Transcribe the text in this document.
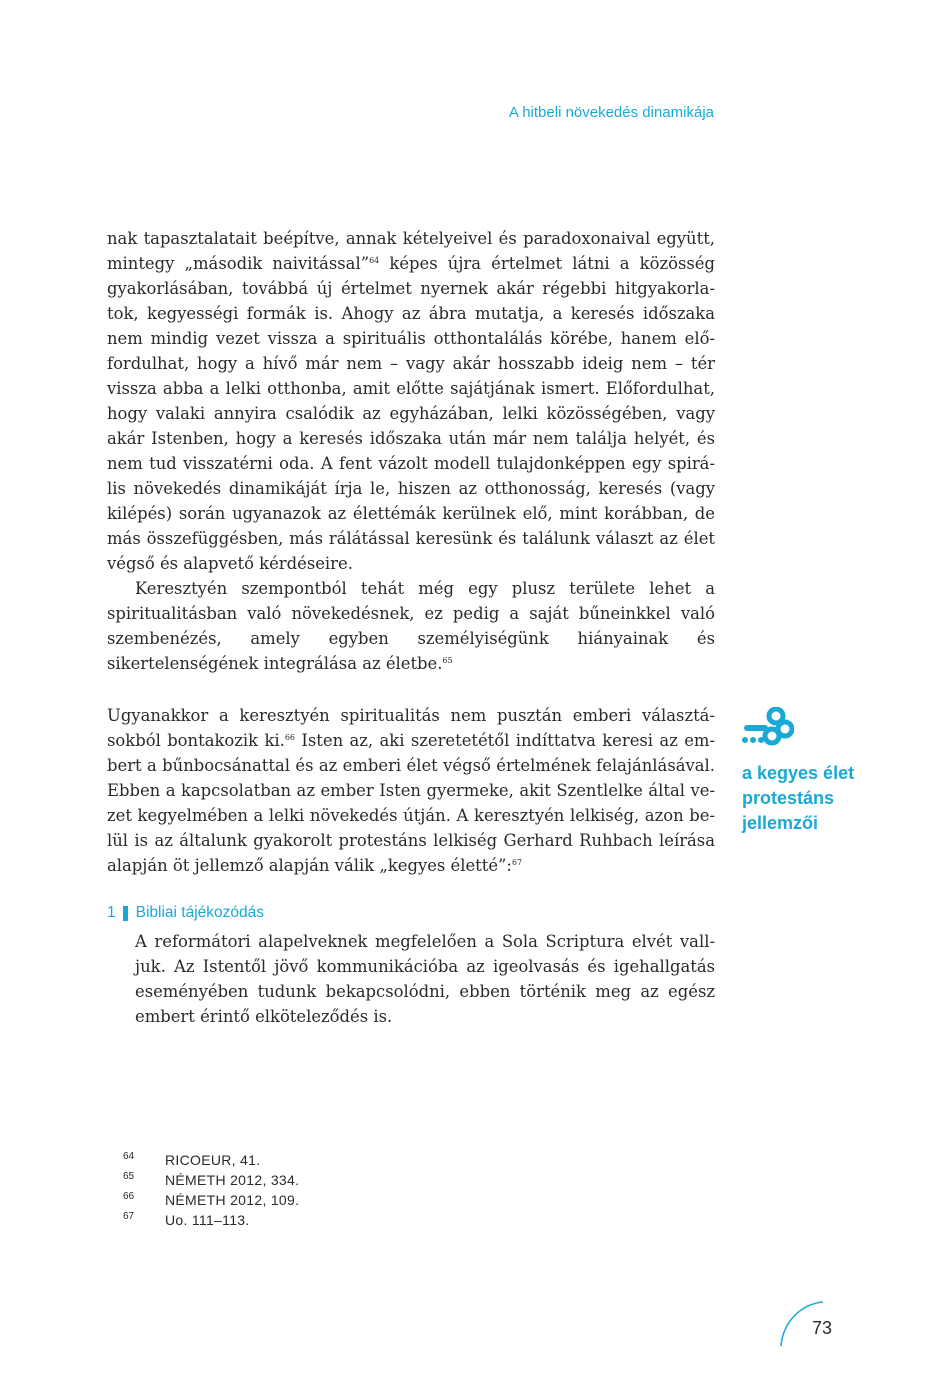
A hitbeli növekedés dinamikája

nak tapasztalatait beépítve, annak kételyeivel és paradoxonaival együtt, mintegy „második naivitással”$^{64}$ képes újra értelmet látni a közösség gyakorlásában, továbbá új értelmet nyernek akár régebbi hitgyakorlatok, kegyességi formák is. Ahogy az ábra mutatja, a keresés időszaka nem mindig vezet vissza a spirituális otthontalálás körébe, hanem előfordulhat, hogy a hívő már nem – vagy akár hosszabb ideig nem – tér vissza abba a lelki otthonba, amit előtte sajátjának ismert. Előfordulhat, hogy valaki annyira csalódik az egyházában, lelki közösségében, vagy akár Istenben, hogy a keresés időszaka után már nem találja helyét, és nem tud visszatérni oda. A fent vázolt modell tulajdonképpen egy spirális növekedés dinamikáját írja le, hiszen az otthonosság, keresés (vagy kilépés) során ugyanazok az élettémák kerülnek elő, mint korábban, de más összefüggésben, más rálátással keresünk és találunk választ az élet végső és alapvető kérdéseire.

Keresztyén szempontból tehát még egy plusz területe lehet a spiritualitásban való növekedésnek, ez pedig a saját bűneinkkel való szembenézés, amely egyben személyiségünk hiányainak és sikertelenségének integrálása az életbe.$^{65}$

Ugyanakkor a keresztyén spiritualitás nem pusztán emberi választásokból bontakozik ki.$^{66}$ Isten az, aki szeretetétől indíttatva keresi az embert a bűnbocsánattal és az emberi élet végső értelmének felajánlásával. Ebben a kapcsolatban az ember Isten gyermeke, akit Szentlelke által vezet kegyelmében a lelki növekedés útján. A keresztyén lelkiség, azon belül is az általunk gyakorolt protestáns lelkiség Gerhard Ruhbach leírása alapján öt jellemző alapján válik „kegyes életté”:$^{67}$

1 Bibliai tájékozódás

A reformátori alapelveknek megfelelően a Sola Scriptura elvét valljuk. Az Istentől jövő kommunikációba az igeolvasás és igehallgatás eseményében tudunk bekapcsolódni, ebben történik meg az egész embert érintő elköteleződés is.

a kegyes élet
protestáns
jellemzői
64	RICOEUR, 41.
65	NÉMETH 2012, 334.
66	NÉMETH 2012, 109.
67	Uo. 111–113.
73
